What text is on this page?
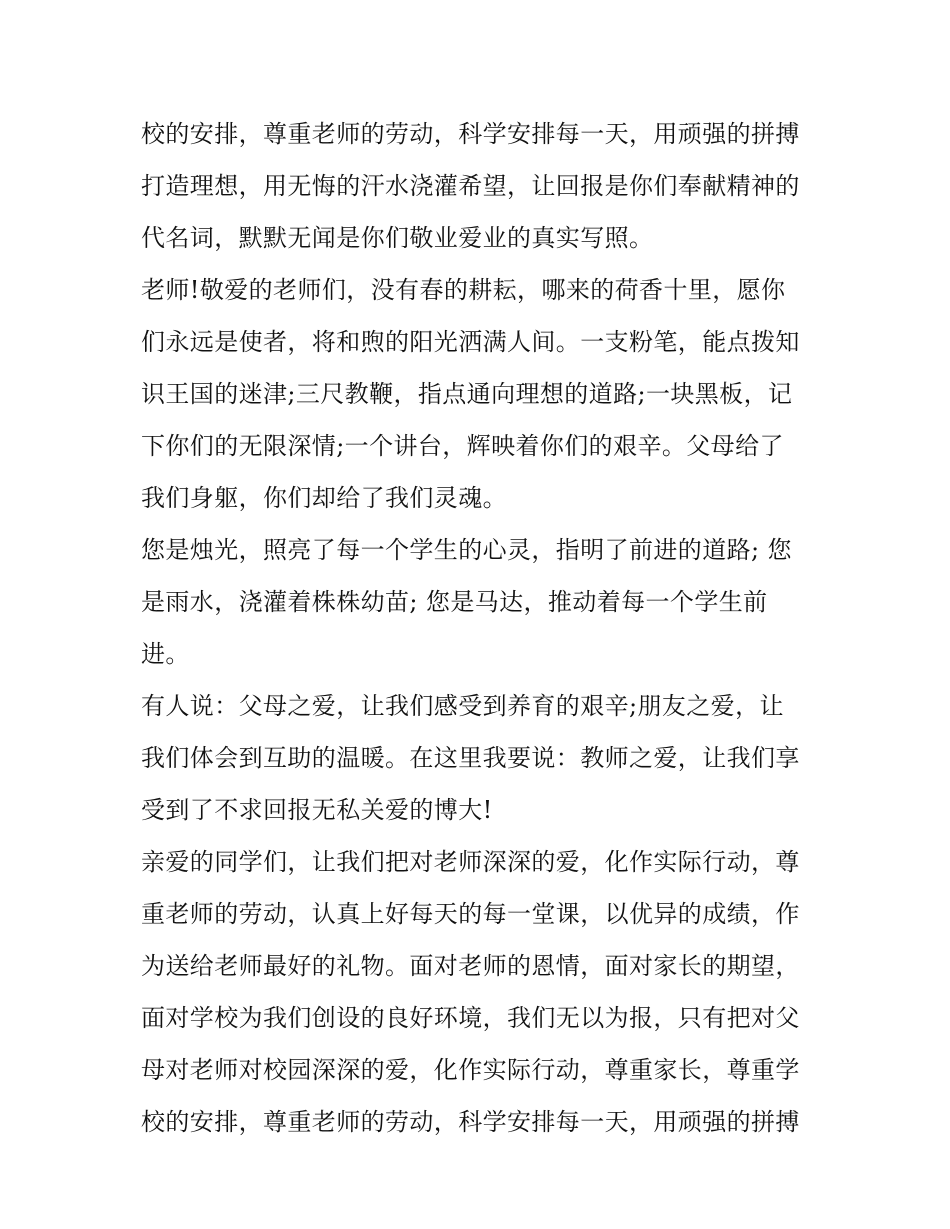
校的安排，尊重老师的劳动，科学安排每一天，用顽强的拼搏
打造理想，用无悔的汗水浇灌希望，让回报是你们奉献精神的
代名词，默默无闻是你们敬业爱业的真实写照。
老师!敬爱的老师们，没有春的耕耘，哪来的荷香十里，愿你
们永远是使者，将和煦的阳光洒满人间。一支粉笔，能点拨知
识王国的迷津;三尺教鞭，指点通向理想的道路;一块黑板，记
下你们的无限深情;一个讲台，辉映着你们的艰辛。父母给了
我们身躯，你们却给了我们灵魂。
您是烛光，照亮了每一个学生的心灵，指明了前进的道路; 您
是雨水，浇灌着株株幼苗; 您是马达，推动着每一个学生前
进。
有人说：父母之爱，让我们感受到养育的艰辛;朋友之爱，让
我们体会到互助的温暖。在这里我要说：教师之爱，让我们享
受到了不求回报无私关爱的博大!
亲爱的同学们，让我们把对老师深深的爱，化作实际行动，尊
重老师的劳动，认真上好每天的每一堂课，以优异的成绩，作
为送给老师最好的礼物。面对老师的恩情，面对家长的期望，
面对学校为我们创设的良好环境，我们无以为报，只有把对父
母对老师对校园深深的爱，化作实际行动，尊重家长，尊重学
校的安排，尊重老师的劳动，科学安排每一天，用顽强的拼搏
